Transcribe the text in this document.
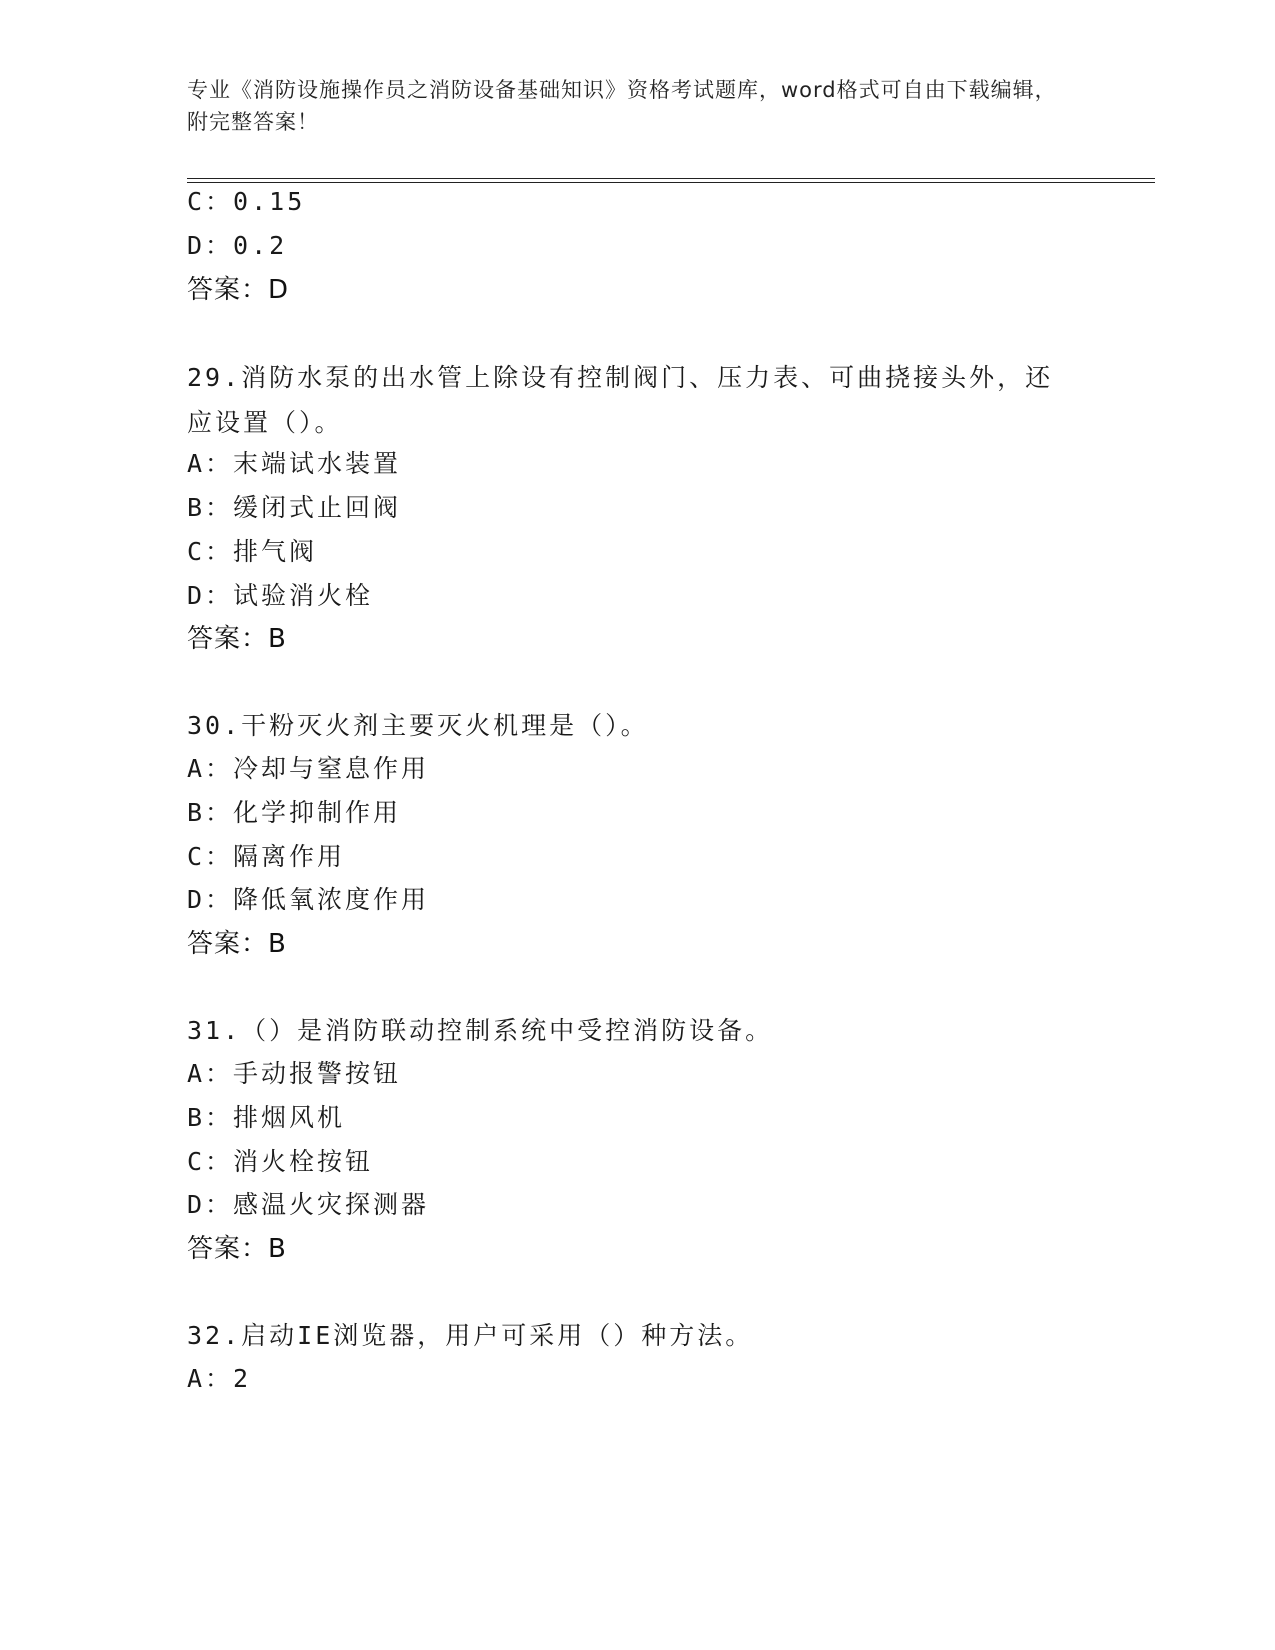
专业《消防设施操作员之消防设备基础知识》资格考试题库，word格式可自由下载编辑，附完整答案！
C：0.15
D：0.2
答案：D
29.消防水泵的出水管上除设有控制阀门、压力表、可曲挠接头外，还应设置（）。
A：末端试水装置
B：缓闭式止回阀
C：排气阀
D：试验消火栓
答案：B
30.干粉灭火剂主要灭火机理是（）。
A：冷却与窒息作用
B：化学抑制作用
C：隔离作用
D：降低氧浓度作用
答案：B
31.（）是消防联动控制系统中受控消防设备。
A：手动报警按钮
B：排烟风机
C：消火栓按钮
D：感温火灾探测器
答案：B
32.启动IE浏览器，用户可采用（）种方法。
A：2
